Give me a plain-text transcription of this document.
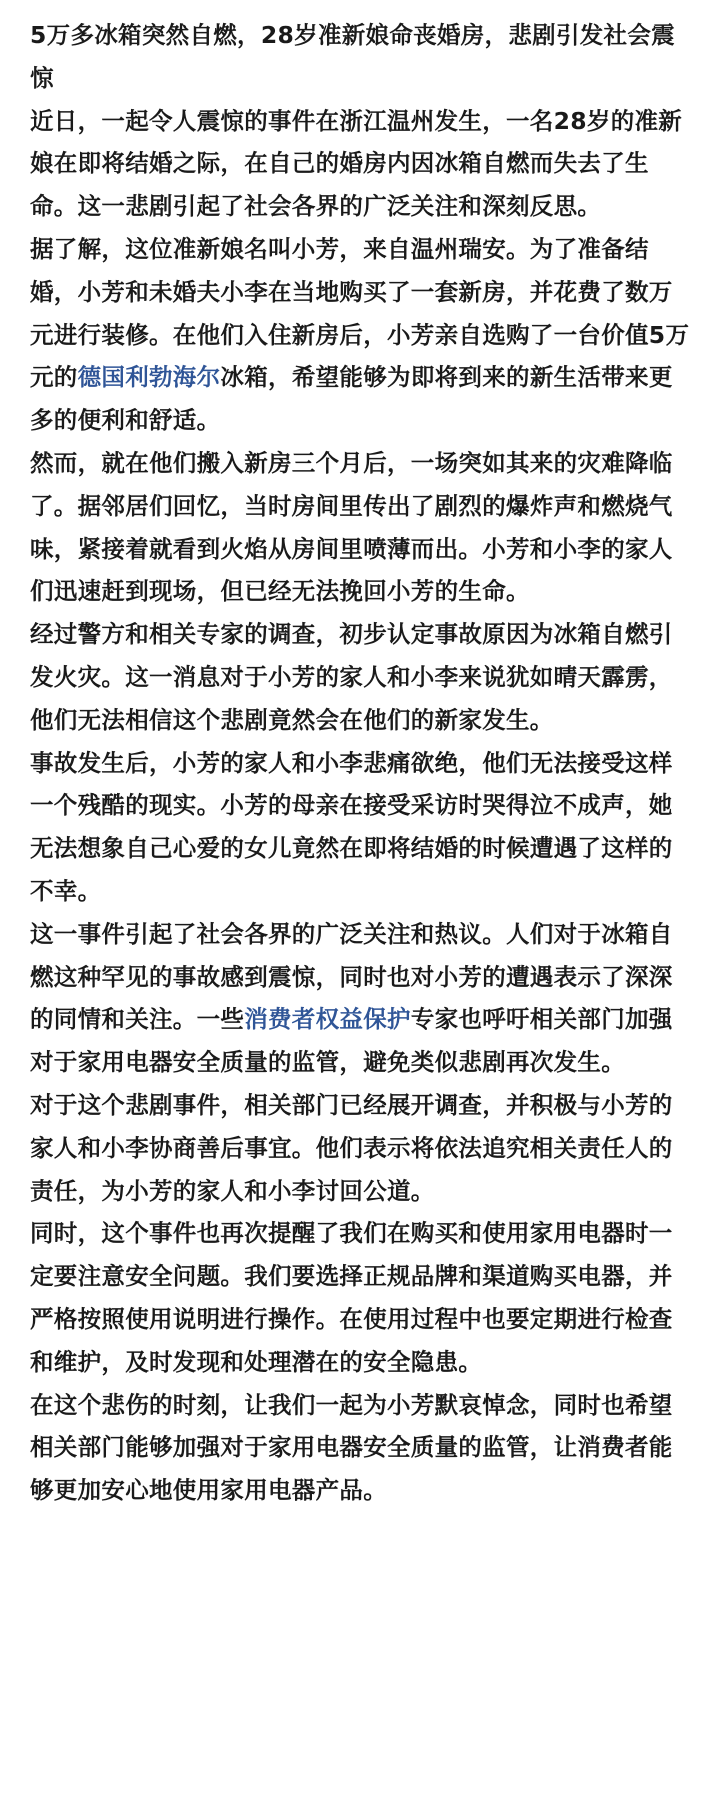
5万多冰箱突然自燃，28岁准新娘命丧婚房，悲剧引发社会震惊

近日，一起令人震惊的事件在浙江温州发生，一名28岁的准新娘在即将结婚之际，在自己的婚房内因冰箱自燃而失去了生命。这一悲剧引起了社会各界的广泛关注和深刻反思。

据了解，这位准新娘名叫小芳，来自温州瑞安。为了准备结婚，小芳和未婚夫小李在当地购买了一套新房，并花费了数万元进行装修。在他们入住新房后，小芳亲自选购了一台价值5万元的德国利勃海尔冰箱，希望能够为即将到来的新生活带来更多的便利和舒适。

然而，就在他们搬入新房三个月后，一场突如其来的灾难降临了。据邻居们回忆，当时房间里传出了剧烈的爆炸声和燃烧气味，紧接着就看到火焰从房间里喷薄而出。小芳和小李的家人们迅速赶到现场，但已经无法挽回小芳的生命。

经过警方和相关专家的调查，初步认定事故原因为冰箱自燃引发火灾。这一消息对于小芳的家人和小李来说犹如晴天霹雳，他们无法相信这个悲剧竟然会在他们的新家发生。

事故发生后，小芳的家人和小李悲痛欲绝，他们无法接受这样一个残酷的现实。小芳的母亲在接受采访时哭得泣不成声，她无法想象自己心爱的女儿竟然在即将结婚的时候遭遇了这样的不幸。

这一事件引起了社会各界的广泛关注和热议。人们对于冰箱自燃这种罕见的事故感到震惊，同时也对小芳的遭遇表示了深深的同情和关注。一些消费者权益保护专家也呼吁相关部门加强对于家用电器安全质量的监管，避免类似悲剧再次发生。

对于这个悲剧事件，相关部门已经展开调查，并积极与小芳的家人和小李协商善后事宜。他们表示将依法追究相关责任人的责任，为小芳的家人和小李讨回公道。

同时，这个事件也再次提醒了我们在购买和使用家用电器时一定要注意安全问题。我们要选择正规品牌和渠道购买电器，并严格按照使用说明进行操作。在使用过程中也要定期进行检查和维护，及时发现和处理潜在的安全隐患。

在这个悲伤的时刻，让我们一起为小芳默哀悼念，同时也希望相关部门能够加强对于家用电器安全质量的监管，让消费者能够更加安心地使用家用电器产品。
